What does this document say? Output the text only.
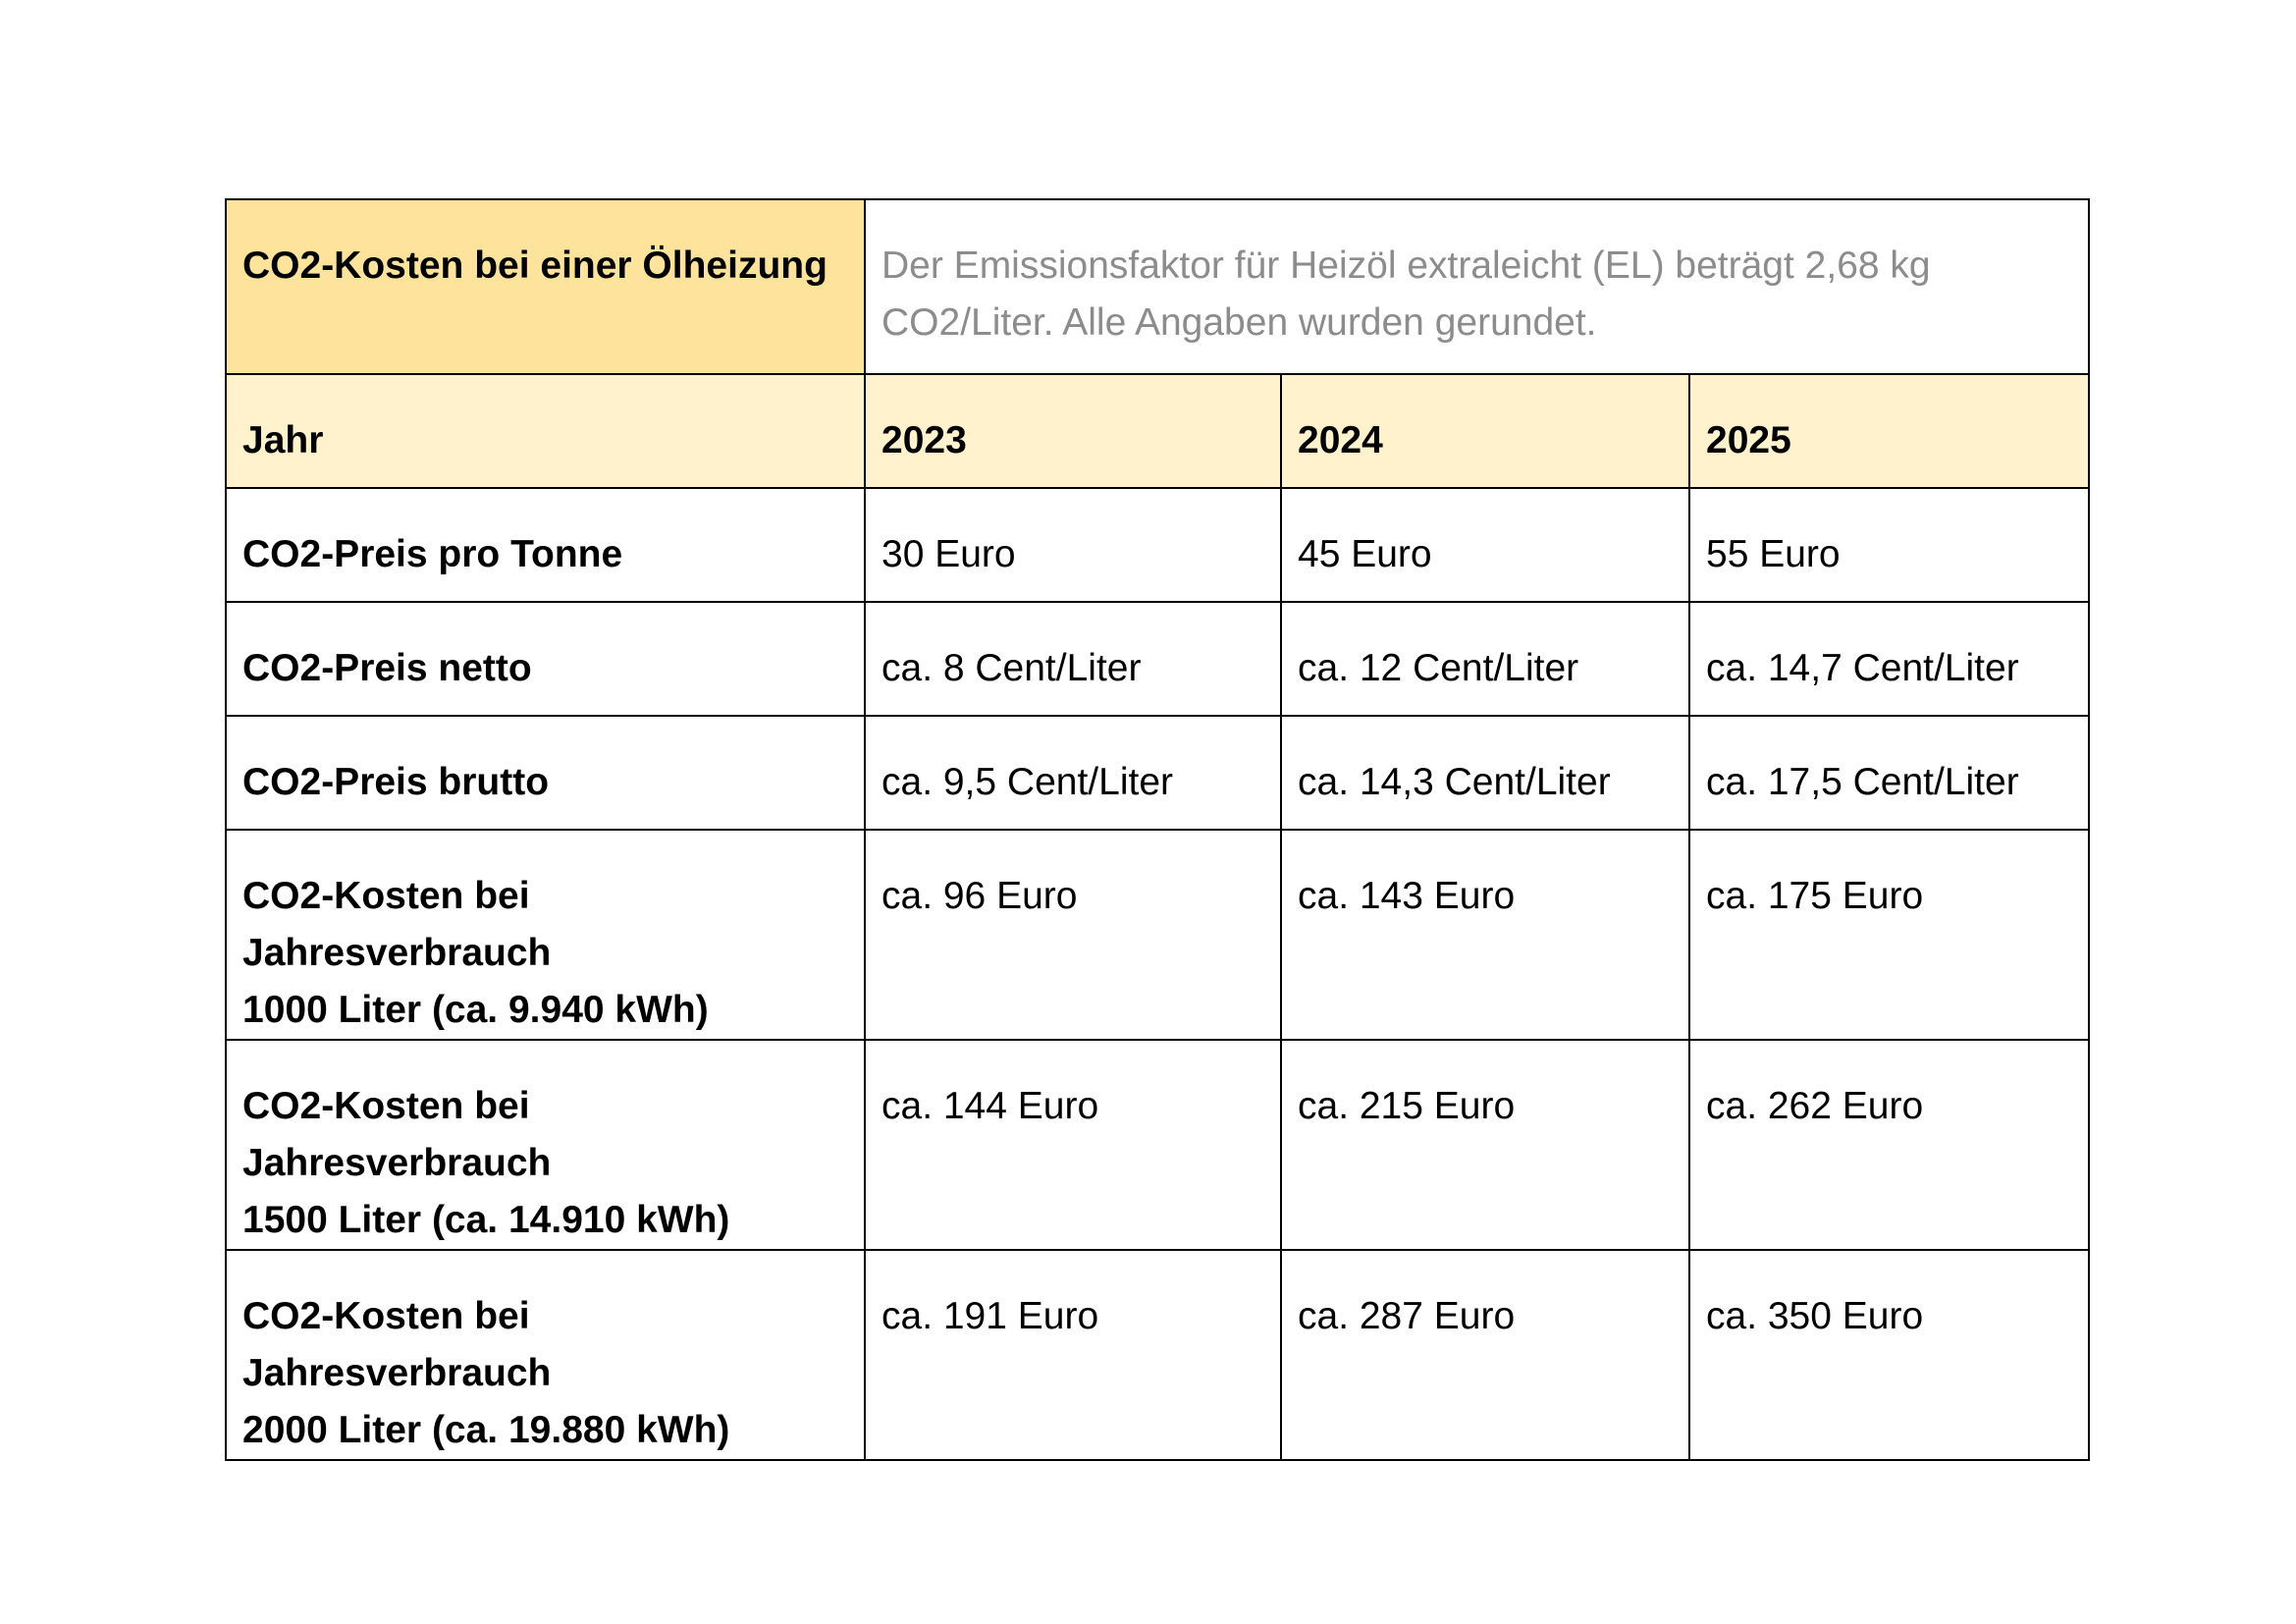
CO2-Kosten bei einer Ölheizung	Der Emissionsfaktor für Heizöl extraleicht (EL) beträgt 2,68 kg CO2/Liter. Alle Angaben wurden gerundet.		
Jahr	2023	2024	2025

CO2-Preis pro Tonne	30 Euro	45 Euro	55 Euro

CO2-Preis netto	ca. 8 Cent/Liter	ca. 12 Cent/Liter	ca. 14,7 Cent/Liter

CO2-Preis brutto	ca. 9,5 Cent/Liter	ca. 14,3 Cent/Liter	ca. 17,5 Cent/Liter

CO2-Kosten bei Jahresverbrauch
1000 Liter (ca. 9.940 kWh)	ca. 96 Euro	ca. 143 Euro	ca. 175 Euro

CO2-Kosten bei Jahresverbrauch
1500 Liter (ca. 14.910 kWh)	ca. 144 Euro	ca. 215 Euro	ca. 262 Euro

CO2-Kosten bei Jahresverbrauch
2000 Liter (ca. 19.880 kWh)	ca. 191 Euro	ca. 287 Euro	ca. 350 Euro
